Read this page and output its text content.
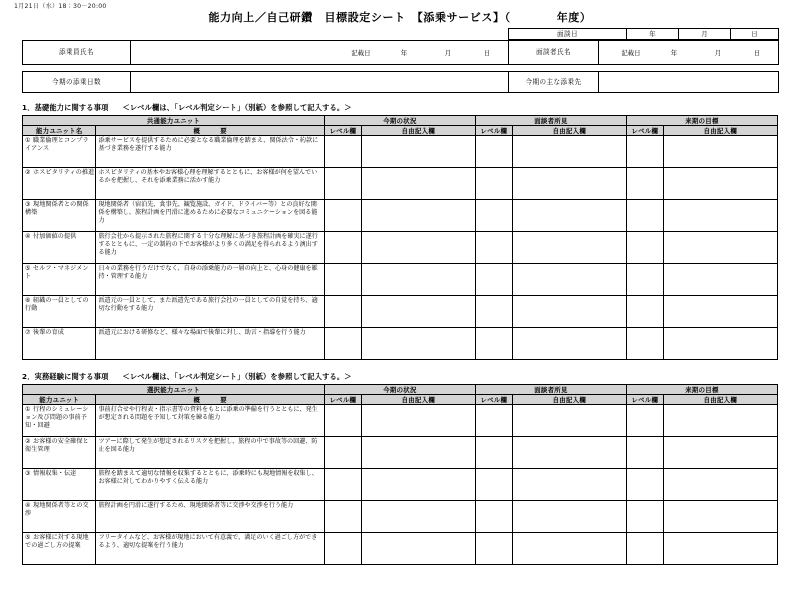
1月21日（水）18：30－20:00
能力向上／自己研鑽　目標設定シート　【添乗サービス】（	年度）
面談日	年	月	日
添乗員氏名	記載日	年	月	日	面談者氏名	記載日	年	月	日
今期の添乗日数		今期の主な添乗先	
1．基礎能力に関する事項 ＜レベル欄は、「レベル判定シート」（別紙）を参照して記入する。＞
共通能力ユニット		今期の状況		面談者所見		来期の目標	
能力ユニット名	概　　　要	レベル欄	自由記入欄	レベル欄	自由記入欄	レベル欄	自由記入欄
① 職業倫理とコンプライアンス	添乗サービスを提供するために必要となる職業倫理を踏まえ、関係法令・約款に基づき業務を遂行する能力						
② ホスピタリティの推進	ホスピタリティの基本やお客様心理を理解するとともに、お客様が何を望んでいるかを把握し、それを添乗業務に活かす能力						
③ 現地関係者との関係構築	現地関係者（宿泊先、食事先、観覧施設、ガイド、ドライバー等）との良好な関係を構築し、旅程計画を円滑に進めるために必要なコミュニケーションを図る能力						
④ 付加価値の提供	旅行会社から提示された旅程に関する十分な理解に基づき旅程計画を確実に遂行するとともに、一定の制約の下でお客様がより多くの満足を得られるよう演出する能力						
⑤ セルフ・マネジメント	日々の業務を行うだけでなく、自身の添乗能力の一層の向上と、心身の健康を維持・管理する能力						
⑥ 組織の一員としての行動	派遣元の一員として、また派遣先である旅行会社の一員としての自覚を持ち、適切な行動をする能力						
⑦ 後輩の育成	派遣元における研修など、様々な場面で後輩に対し、助言・指導を行う能力						
2．実務経験に関する事項 ＜レベル欄は、「レベル判定シート」（別紙）を参照して記入する。＞
選択能力ユニット		今期の状況		面談者所見		来期の目標	
能力ユニット	概　　　要	レベル欄	自由記入欄	レベル欄	自由記入欄	レベル欄	自由記入欄
① 行程のシミュレーション及び問題の事前予知・回避	事前打合せや行程表・指示書等の資料をもとに添乗の準備を行うとともに、発生が想定される問題を予知して対策を練る能力						
② お客様の安全確保と衛生管理	ツアーに際して発生が想定されるリスクを把握し、旅程の中で事故等の回避、防止を図る能力						
③ 情報収集・伝達	旅程を踏まえて適切な情報を収集するとともに、添乗時にも現地情報を収集し、お客様に対してわかりやすく伝える能力						
④ 現地関係者等との交渉	旅程計画を円滑に遂行するため、現地関係者等に交渉や交渉を行う能力						
⑤ お客様に対する現地での過ごし方の提案	フリータイムなど、お客様が現地において有意義で、満足のいく過ごし方ができるよう、適切な提案を行う能力						
